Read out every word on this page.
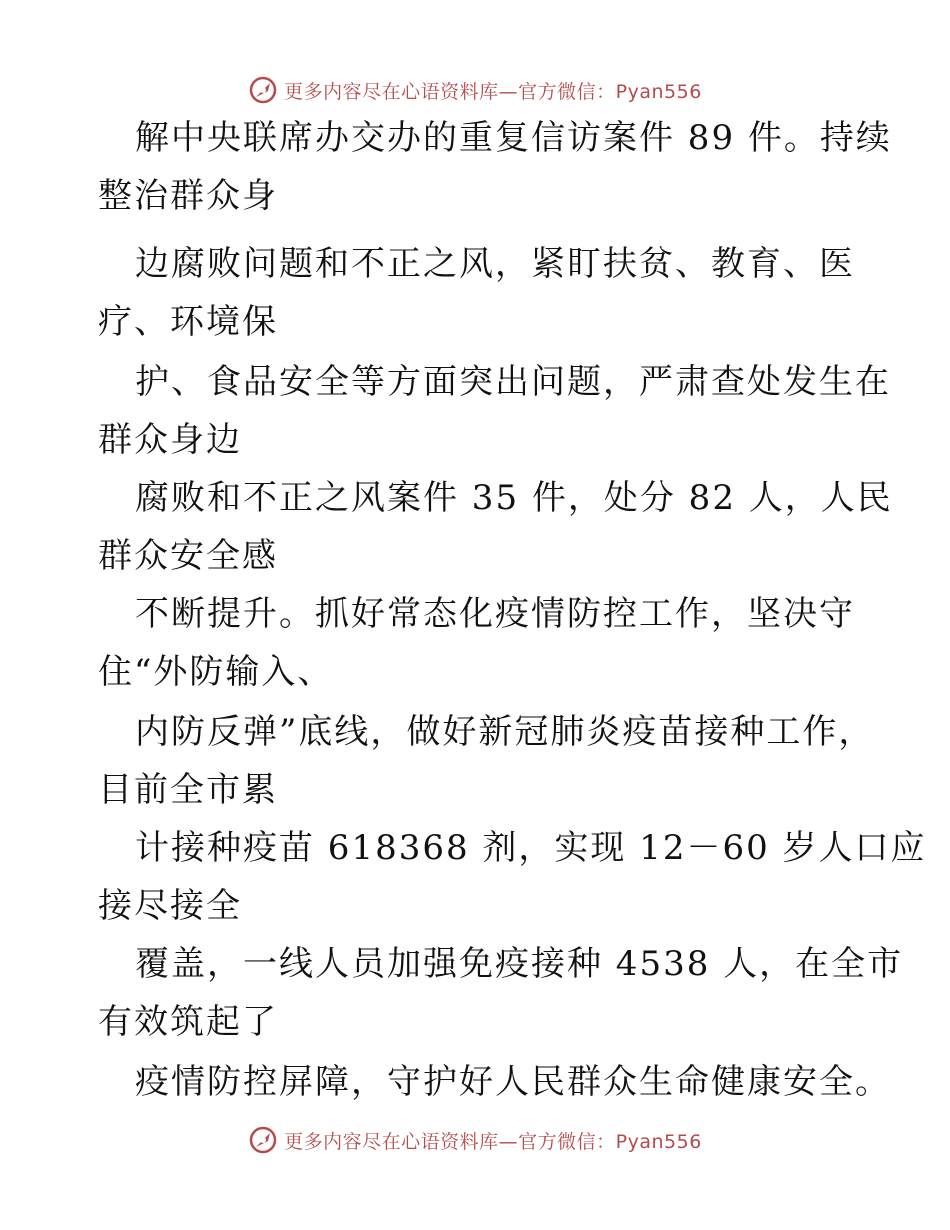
更多内容尽在心语资料库—官方微信：Pyan556
解中央联席办交办的重复信访案件 89 件。持续
整治群众身
边腐败问题和不正之风，紧盯扶贫、教育、医
疗、环境保
护、食品安全等方面突出问题，严肃查处发生在
群众身边
腐败和不正之风案件 35 件，处分 82 人，人民
群众安全感
不断提升。抓好常态化疫情防控工作，坚决守
住“外防输入、
内防反弹”底线，做好新冠肺炎疫苗接种工作，
目前全市累
计接种疫苗 618368 剂，实现 12－60 岁人口应
接尽接全
覆盖，一线人员加强免疫接种 4538 人，在全市
有效筑起了
疫情防控屏障，守护好人民群众生命健康安全。
更多内容尽在心语资料库—官方微信：Pyan556
